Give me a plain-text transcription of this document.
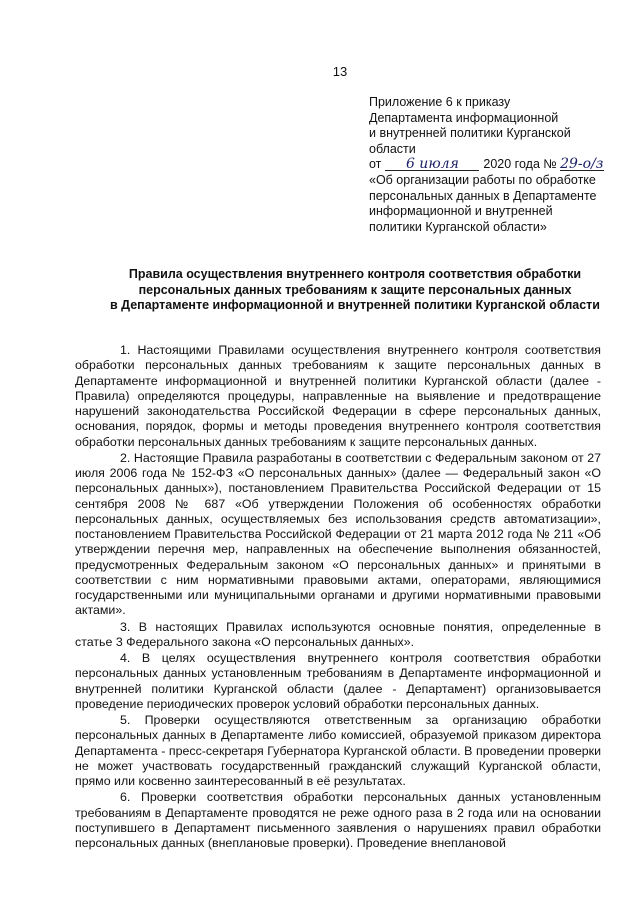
13
Приложение 6 к приказу
Департамента информационной
и внутренней политики Курганской
области
от 6 июля 2020 года № 29-о/з
«Об организации работы по обработке
персональных данных в Департаменте
информационной и внутренней
политики Курганской области»
Правила осуществления внутреннего контроля соответствия обработки
персональных данных требованиям к защите персональных данных
в Департаменте информационной и внутренней политики Курганской области

1. Настоящими Правилами осуществления внутреннего контроля соответствия обработки персональных данных требованиям к защите персональных данных в Департаменте информационной и внутренней политики Курганской области (далее - Правила) определяются процедуры, направленные на выявление и предотвращение нарушений законодательства Российской Федерации в сфере персональных данных, основания, порядок, формы и методы проведения внутреннего контроля соответствия обработки персональных данных требованиям к защите персональных данных.

2. Настоящие Правила разработаны в соответствии с Федеральным законом от 27 июля 2006 года № 152-ФЗ «О персональных данных» (далее — Федеральный закон «О персональных данных»), постановлением Правительства Российской Федерации от 15 сентября 2008 № 687 «Об утверждении Положения об особенностях обработки персональных данных, осуществляемых без использования средств автоматизации», постановлением Правительства Российской Федерации от 21 марта 2012 года № 211 «Об утверждении перечня мер, направленных на обеспечение выполнения обязанностей, предусмотренных Федеральным законом «О персональных данных» и принятыми в соответствии с ним нормативными правовыми актами, операторами, являющимися государственными или муниципальными органами и другими нормативными правовыми актами».

3. В настоящих Правилах используются основные понятия, определенные в статье 3 Федерального закона «О персональных данных».

4. В целях осуществления внутреннего контроля соответствия обработки персональных данных установленным требованиям в Департаменте информационной и внутренней политики Курганской области (далее - Департамент) организовывается проведение периодических проверок условий обработки персональных данных.

5. Проверки осуществляются ответственным за организацию обработки персональных данных в Департаменте либо комиссией, образуемой приказом директора Департамента - пресс-секретаря Губернатора Курганской области. В проведении проверки не может участвовать государственный гражданский служащий Курганской области, прямо или косвенно заинтересованный в её результатах.

6. Проверки соответствия обработки персональных данных установленным требованиям в Департаменте проводятся не реже одного раза в 2 года или на основании поступившего в Департамент письменного заявления о нарушениях правил обработки персональных данных (внеплановые проверки). Проведение внеплановой
